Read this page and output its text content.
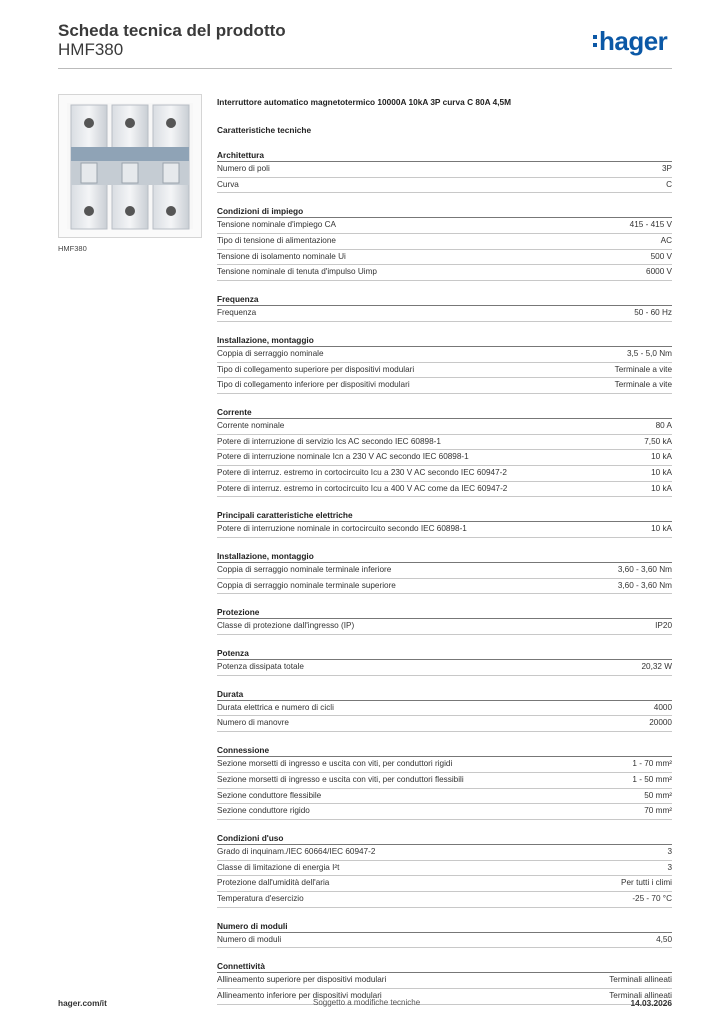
Scheda tecnica del prodotto
HMF380	hager
HMF380
Interruttore automatico magnetotermico 10000A 10kA 3P curva C 80A 4,5M
Caratteristiche tecniche
Architettura
Numero di poli	3P
Curva	C
Condizioni di impiego
Tensione nominale d'impiego CA	415 - 415 V
Tipo di tensione di alimentazione	AC
Tensione di isolamento nominale Ui	500 V
Tensione nominale di tenuta d'impulso Uimp	6000 V
Frequenza
Frequenza	50 - 60 Hz
Installazione, montaggio
Coppia di serraggio nominale	3,5 - 5,0 Nm
Tipo di collegamento superiore per dispositivi modulari	Terminale a vite
Tipo di collegamento inferiore per dispositivi modulari	Terminale a vite
Corrente
Corrente nominale	80 A
Potere di interruzione di servizio Ics AC secondo IEC 60898-1	7,50 kA
Potere di interruzione nominale Icn a 230 V AC secondo IEC 60898-1	10 kA
Potere di interruz. estremo in cortocircuito Icu a 230 V AC secondo IEC 60947-2	10 kA
Potere di interruz. estremo in cortocircuito Icu a 400 V AC come da IEC 60947-2	10 kA
Principali caratteristiche elettriche
Potere di interruzione nominale in cortocircuito secondo IEC 60898-1	10 kA
Installazione, montaggio
Coppia di serraggio nominale terminale inferiore	3,60 - 3,60 Nm
Coppia di serraggio nominale terminale superiore	3,60 - 3,60 Nm
Protezione
Classe di protezione dall'ingresso (IP)	IP20
Potenza
Potenza dissipata totale	20,32 W
Durata
Durata elettrica e numero di cicli	4000
Numero di manovre	20000
Connessione
Sezione morsetti di ingresso e uscita con viti, per conduttori rigidi	1 - 70 mm²
Sezione morsetti di ingresso e uscita con viti, per conduttori flessibili	1 - 50 mm²
Sezione conduttore flessibile	50 mm²
Sezione conduttore rigido	70 mm²
Condizioni d'uso
Grado di inquinam./IEC 60664/IEC 60947-2	3
Classe di limitazione di energia I²t	3
Protezione dall'umidità dell'aria	Per tutti i climi
Temperatura d'esercizio	-25 - 70 °C
Numero di moduli
Numero di moduli	4,50
Connettività
Allineamento superiore per dispositivi modulari	Terminali allineati
Allineamento inferiore per dispositivi modulari	Terminali allineati
hager.com/it	Soggetto a modifiche tecniche	14.03.2026
